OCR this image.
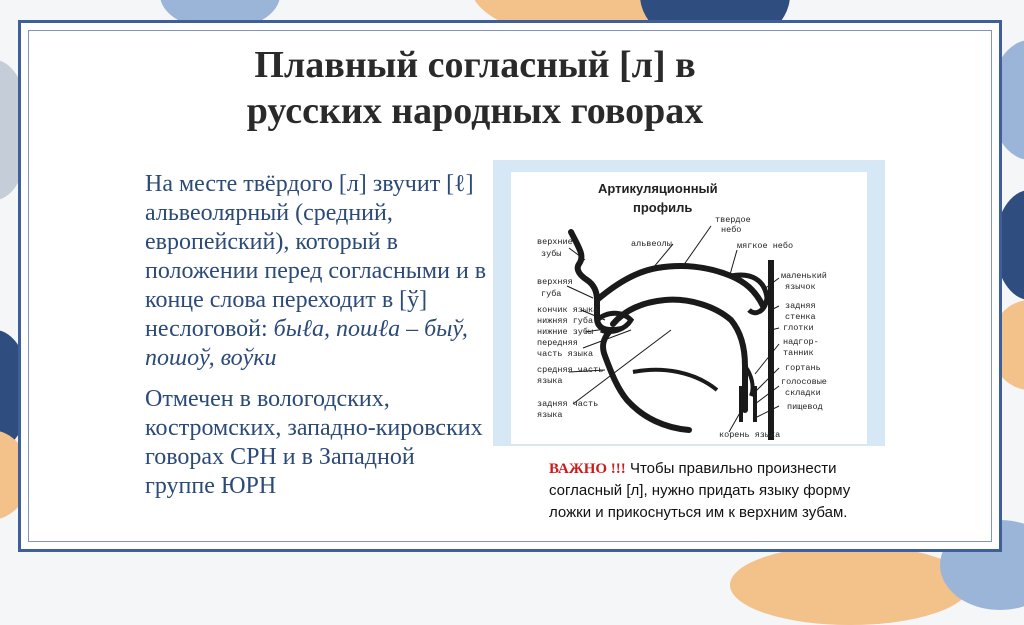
Плавный согласный [л] в
русских народных говорах

На месте твёрдого [л] звучит [ℓ] альвеолярный (средний, европейский), который в положении перед согласными и в конце слова переходит в [ў] неслоговой: быℓа, пошℓа – быў, пошоў, воўки

Отмечен в вологодских, костромских, западно-кировских говорах СРН и в Западной группе ЮРН

Артикуляционный
профиль
верхние
зубы
альвеолы
твердое
небо
мягкое небо
верхняя
губа
кончик языка
нижняя губа
нижние зубы
передняя
часть языка
средняя часть
языка
задняя часть
языка
маленький
язычок
задняя
стенка
глотки
надгор-
танник
гортань
голосовые
складки
пищевод
корень языка
ВАЖНО !!! Чтобы правильно произнести согласный [л], нужно придать языку форму ложки и прикоснуться им к верхним зубам.
